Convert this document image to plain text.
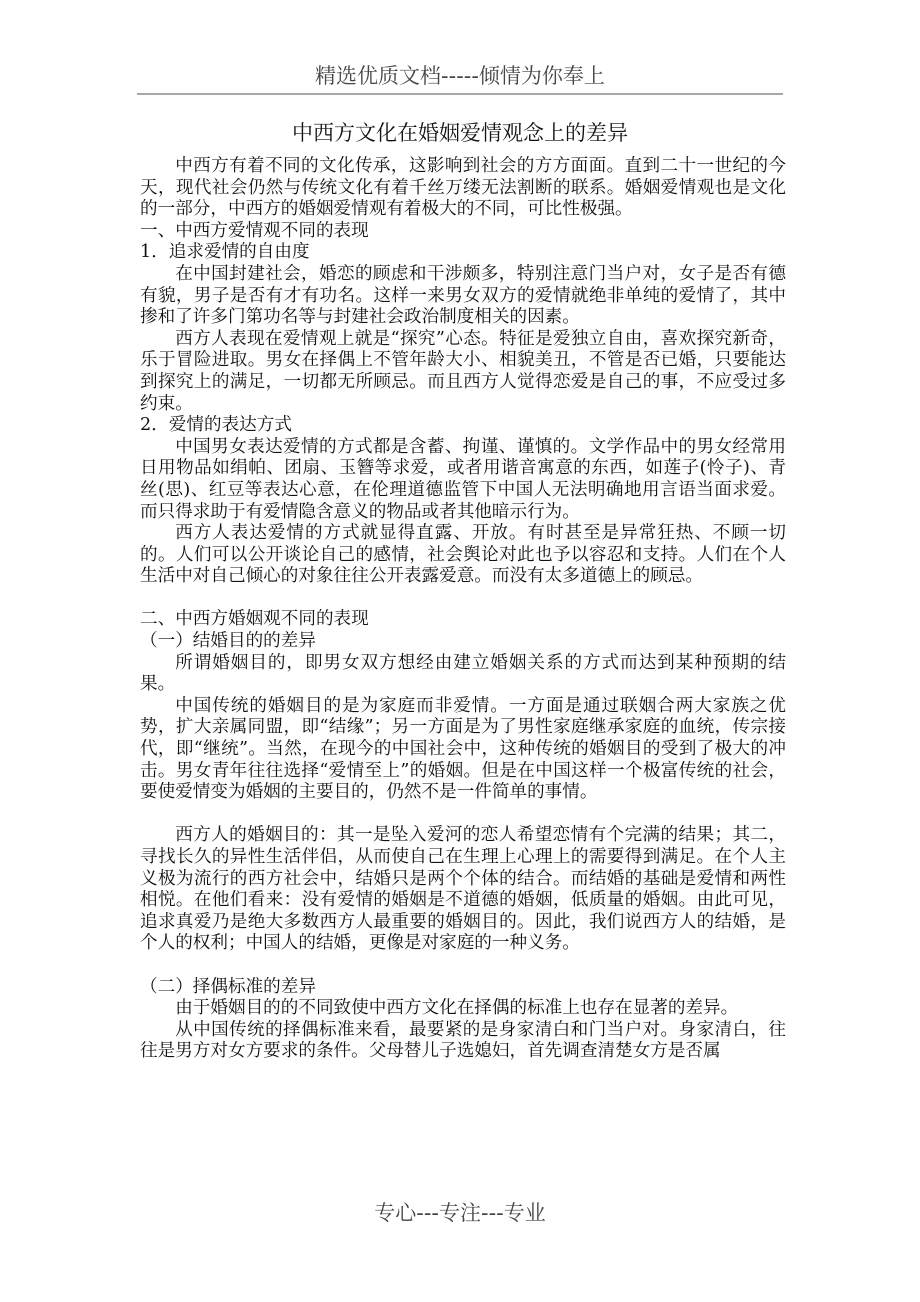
精选优质文档-----倾情为你奉上
中西方文化在婚姻爱情观念上的差异

中西方有着不同的文化传承，这影响到社会的方方面面。直到二十一世纪的今天，现代社会仍然与传统文化有着千丝万缕无法割断的联系。婚姻爱情观也是文化的一部分，中西方的婚姻爱情观有着极大的不同，可比性极强。

一、中西方爱情观不同的表现

1．追求爱情的自由度

在中国封建社会，婚恋的顾虑和干涉颇多，特别注意门当户对，女子是否有德有貌，男子是否有才有功名。这样一来男女双方的爱情就绝非单纯的爱情了，其中掺和了许多门第功名等与封建社会政治制度相关的因素。

西方人表现在爱情观上就是“探究”心态。特征是爱独立自由，喜欢探究新奇，乐于冒险进取。男女在择偶上不管年龄大小、相貌美丑，不管是否已婚，只要能达到探究上的满足，一切都无所顾忌。而且西方人觉得恋爱是自己的事，不应受过多约束。

2．爱情的表达方式

中国男女表达爱情的方式都是含蓄、拘谨、谨慎的。文学作品中的男女经常用日用物品如绢帕、团扇、玉簪等求爱，或者用谐音寓意的东西，如莲子(怜子)、青丝(思)、红豆等表达心意，在伦理道德监管下中国人无法明确地用言语当面求爱。而只得求助于有爱情隐含意义的物品或者其他暗示行为。

西方人表达爱情的方式就显得直露、开放。有时甚至是异常狂热、不顾一切的。人们可以公开谈论自己的感情，社会舆论对此也予以容忍和支持。人们在个人生活中对自己倾心的对象往往公开表露爱意。而没有太多道德上的顾忌。

二、中西方婚姻观不同的表现

（一）结婚目的的差异

所谓婚姻目的，即男女双方想经由建立婚姻关系的方式而达到某种预期的结果。

中国传统的婚姻目的是为家庭而非爱情。一方面是通过联姻合两大家族之优势，扩大亲属同盟，即“结缘”；另一方面是为了男性家庭继承家庭的血统，传宗接代，即“继统”。当然，在现今的中国社会中，这种传统的婚姻目的受到了极大的冲击。男女青年往往选择“爱情至上”的婚姻。但是在中国这样一个极富传统的社会，要使爱情变为婚姻的主要目的，仍然不是一件简单的事情。

西方人的婚姻目的：其一是坠入爱河的恋人希望恋情有个完满的结果；其二，寻找长久的异性生活伴侣，从而使自己在生理上心理上的需要得到满足。在个人主义极为流行的西方社会中，结婚只是两个个体的结合。而结婚的基础是爱情和两性相悦。在他们看来：没有爱情的婚姻是不道德的婚姻，低质量的婚姻。由此可见，追求真爱乃是绝大多数西方人最重要的婚姻目的。因此，我们说西方人的结婚，是个人的权利；中国人的结婚，更像是对家庭的一种义务。

（二）择偶标准的差异

由于婚姻目的的不同致使中西方文化在择偶的标准上也存在显著的差异。

从中国传统的择偶标准来看，最要紧的是身家清白和门当户对。身家清白，往往是男方对女方要求的条件。父母替儿子选媳妇，首先调查清楚女方是否属

专心---专注---专业
